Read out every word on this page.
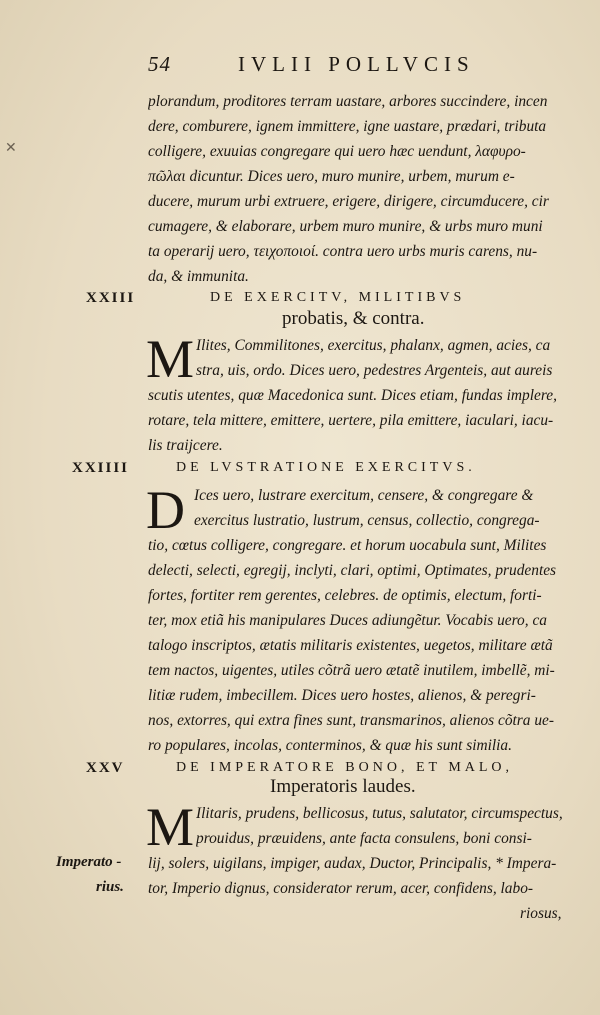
54	IVLII POLLVCIS
plorandum, proditores terram uastare, arbores succindere, incen
dere, comburere, ignem immittere, igne uastare, prædari, tributa
colligere, exuuias congregare qui uero hæc uendunt, λαφυρο-
πῶλαι dicuntur. Dices uero, muro munire, urbem, murum e-
ducere, murum urbi extruere, erigere, dirigere, circumducere, cir
cumagere, & elaborare, urbem muro munire, & urbs muro muni
ta operarij uero, τειχοποιοί. contra uero urbs muris carens, nu-
da, & immunita.
XXIII	DE EXERCITV, MILITIBVS
probatis, & contra.
M Ilites, Commilitones, exercitus, phalanx, agmen, acies, ca
stra, uis, ordo. Dices uero, pedestres Argenteis, aut aureis
scutis utentes, quæ Macedonica sunt. Dices etiam, fundas implere,
rotare, tela mittere, emittere, uertere, pila emittere, iaculari, iacu-
lis traijcere.
XXIIII	DE LVSTRATIONE EXERCITVS.
D Ices uero, lustrare exercitum, censere, & congregare &
exercitus lustratio, lustrum, census, collectio, congrega-
tio, cœtus colligere, congregare. et horum uocabula sunt, Milites
delecti, selecti, egregij, inclyti, clari, optimi, Optimates, prudentes
fortes, fortiter rem gerentes, celebres. de optimis, electum, forti-
ter, mox etiã his manipulares Duces adiungẽtur. Vocabis uero, ca
talogo inscriptos, ætatis militaris existentes, uegetos, militare ætã
tem nactos, uigentes, utiles cõtrã uero ætatẽ inutilem, imbellẽ, mi-
litiæ rudem, imbecillem. Dices uero hostes, alienos, & peregri-
nos, extorres, qui extra fines sunt, transmarinos, alienos cõtra ue-
ro populares, incolas, conterminos, & quæ his sunt similia.
XXV	DE IMPERATORE BONO, ET MALO,
Imperatoris laudes.
M Ilitaris, prudens, bellicosus, tutus, salutator, circumspectus,
prouidus, præuidens, ante facta consulens, boni consi-
lij, solers, uigilans, impiger, audax, Ductor, Principalis, * Impera-
tor, Imperio dignus, considerator rerum, acer, confidens, labo-
riosus,
Imperato -
rius.
✕
